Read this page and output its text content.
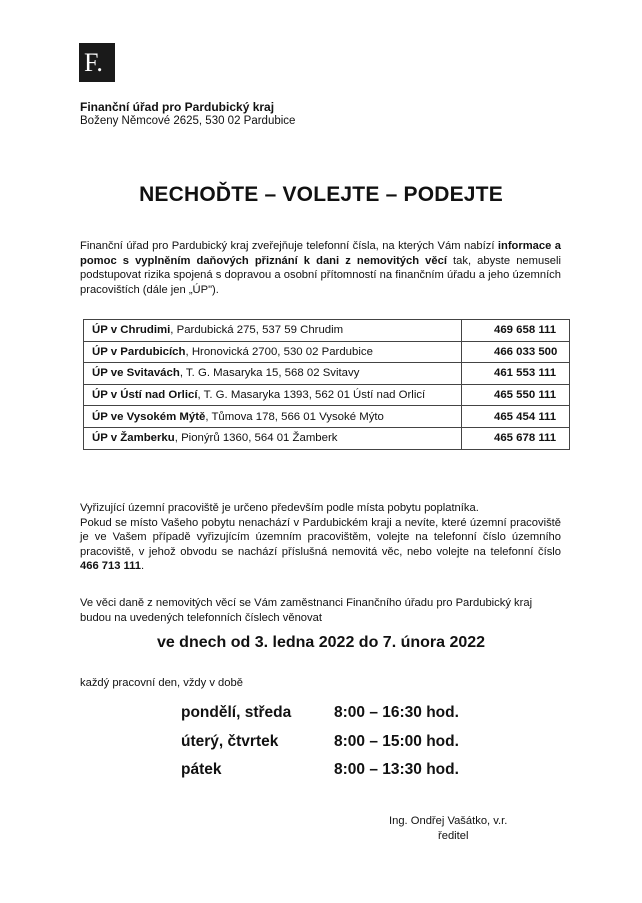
F.
Finanční úřad pro Pardubický kraj
Boženy Němcové 2625, 530 02 Pardubice
NECHOĎTE – VOLEJTE – PODEJTE
Finanční úřad pro Pardubický kraj zveřejňuje telefonní čísla, na kterých Vám nabízí informace a pomoc s vyplněním daňových přiznání k dani z nemovitých věcí tak, abyste nemuseli podstupovat rizika spojená s dopravou a osobní přítomností na finančním úřadu a jeho územních pracovištích (dále jen „ÚP").
ÚP v Chrudimi, Pardubická 275, 537 59 Chrudim	469 658 111
ÚP v Pardubicích, Hronovická 2700, 530 02 Pardubice	466 033 500
ÚP ve Svitavách, T. G. Masaryka 15, 568 02 Svitavy	461 553 111
ÚP v Ústí nad Orlicí, T. G. Masaryka 1393, 562 01 Ústí nad Orlicí	465 550 111
ÚP ve Vysokém Mýtě, Tůmova 178, 566 01 Vysoké Mýto	465 454 111
ÚP v Žamberku, Pionýrů 1360, 564 01 Žamberk	465 678 111
Vyřizující územní pracoviště je určeno především podle místa pobytu poplatníka.
Pokud se místo Vašeho pobytu nenachází v Pardubickém kraji a nevíte, které územní pracoviště je ve Vašem případě vyřizujícím územním pracovištěm, volejte na telefonní číslo územního pracoviště, v jehož obvodu se nachází příslušná nemovitá věc, nebo volejte na telefonní číslo 466 713 111.
Ve věci daně z nemovitých věcí se Vám zaměstnanci Finančního úřadu pro Pardubický kraj budou na uvedených telefonních číslech věnovat
ve dnech od 3. ledna 2022 do 7. února 2022
každý pracovní den, vždy v době
pondělí, středa	8:00 – 16:30 hod.
úterý, čtvrtek	8:00 – 15:00 hod.
pátek	8:00 – 13:30 hod.
Ing. Ondřej Vašátko, v.r.
ředitel
